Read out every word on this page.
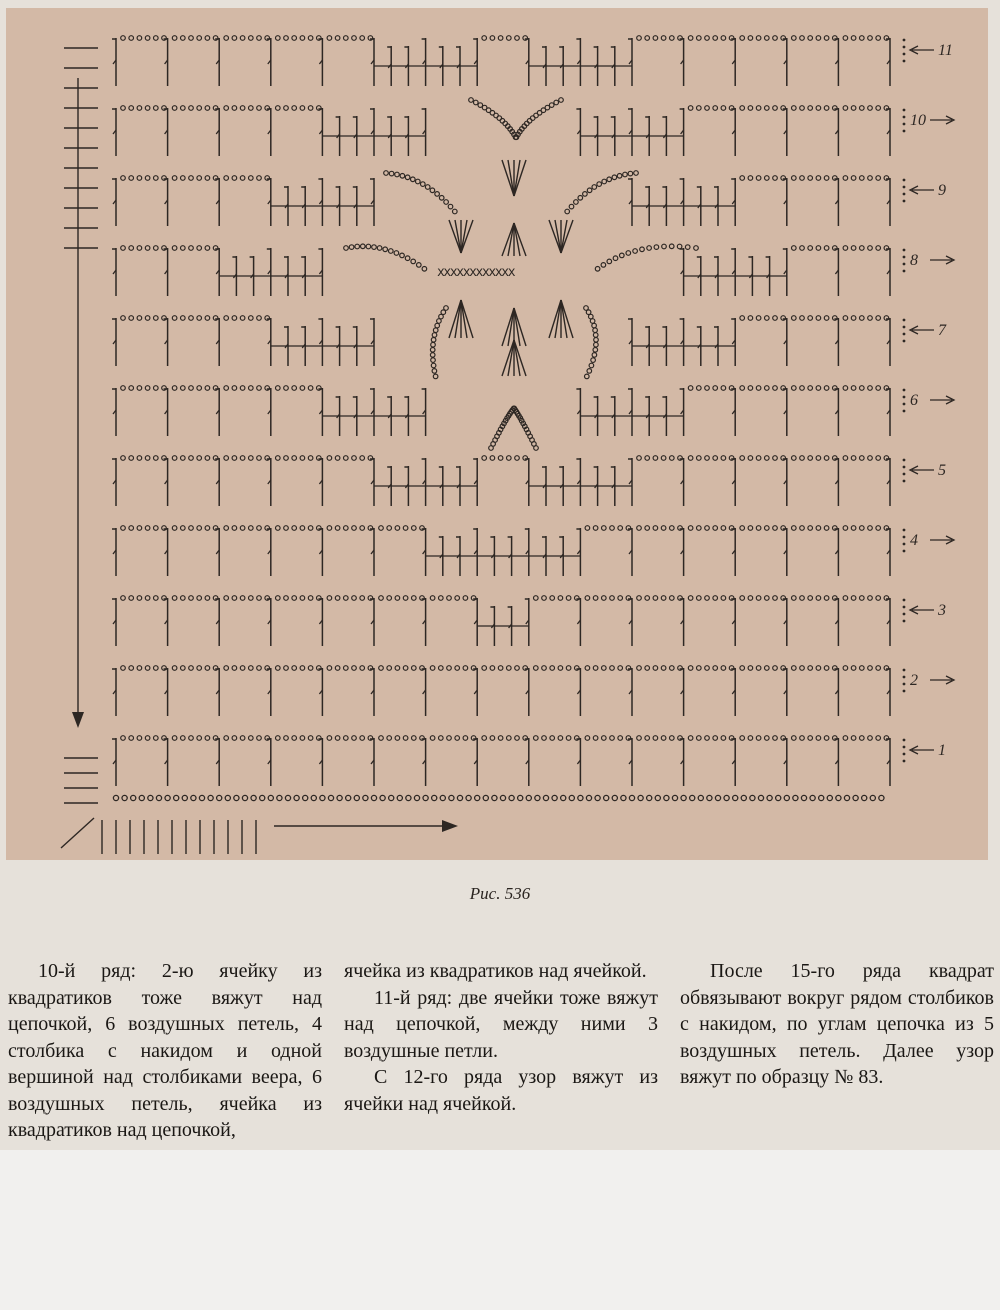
xxxxxxxxxxxx
1
2
3
4
5
6
7
8
9
10
11
Рис. 536

10-й ряд: 2-ю ячейку из квадратиков тоже вяжут над цепочкой, 6 воздушных петель, 4 столбика с накидом и одной вершиной над столбиками веера, 6 воздушных петель, ячейка из квадратиков над цепочкой,

ячейка из квадратиков над ячейкой.

11-й ряд: две ячейки тоже вяжут над цепочкой, между ними 3 воздушные петли.

С 12-го ряда узор вяжут из ячейки над ячейкой.

После 15-го ряда квадрат обвязывают вокруг рядом столбиков с накидом, по углам цепочка из 5 воздушных петель. Далее узор вяжут по образцу № 83.
